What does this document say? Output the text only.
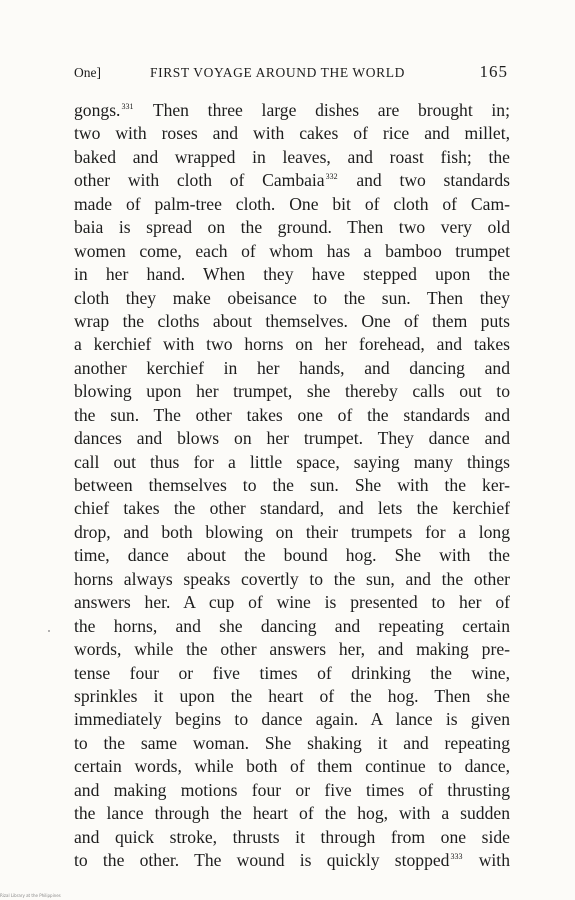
One]	FIRST VOYAGE AROUND THE WORLD	165
gongs.$^{331}$ Then three large dishes are brought in;
two with roses and with cakes of rice and millet,
baked and wrapped in leaves, and roast fish; the
other with cloth of Cambaia$^{332}$ and two standards
made of palm-tree cloth. One bit of cloth of Cam-
baia is spread on the ground. Then two very old
women come, each of whom has a bamboo trumpet
in her hand. When they have stepped upon the
cloth they make obeisance to the sun. Then they
wrap the cloths about themselves. One of them puts
a kerchief with two horns on her forehead, and takes
another kerchief in her hands, and dancing and
blowing upon her trumpet, she thereby calls out to
the sun. The other takes one of the standards and
dances and blows on her trumpet. They dance and
call out thus for a little space, saying many things
between themselves to the sun. She with the ker-
chief takes the other standard, and lets the kerchief
drop, and both blowing on their trumpets for a long
time, dance about the bound hog. She with the
horns always speaks covertly to the sun, and the other
answers her. A cup of wine is presented to her of
the horns, and she dancing and repeating certain
words, while the other answers her, and making pre-
tense four or five times of drinking the wine,
sprinkles it upon the heart of the hog. Then she
immediately begins to dance again. A lance is given
to the same woman. She shaking it and repeating
certain words, while both of them continue to dance,
and making motions four or five times of thrusting
the lance through the heart of the hog, with a sudden
and quick stroke, thrusts it through from one side
to the other. The wound is quickly stopped$^{333}$ with
Rizal Library at the Philippines
